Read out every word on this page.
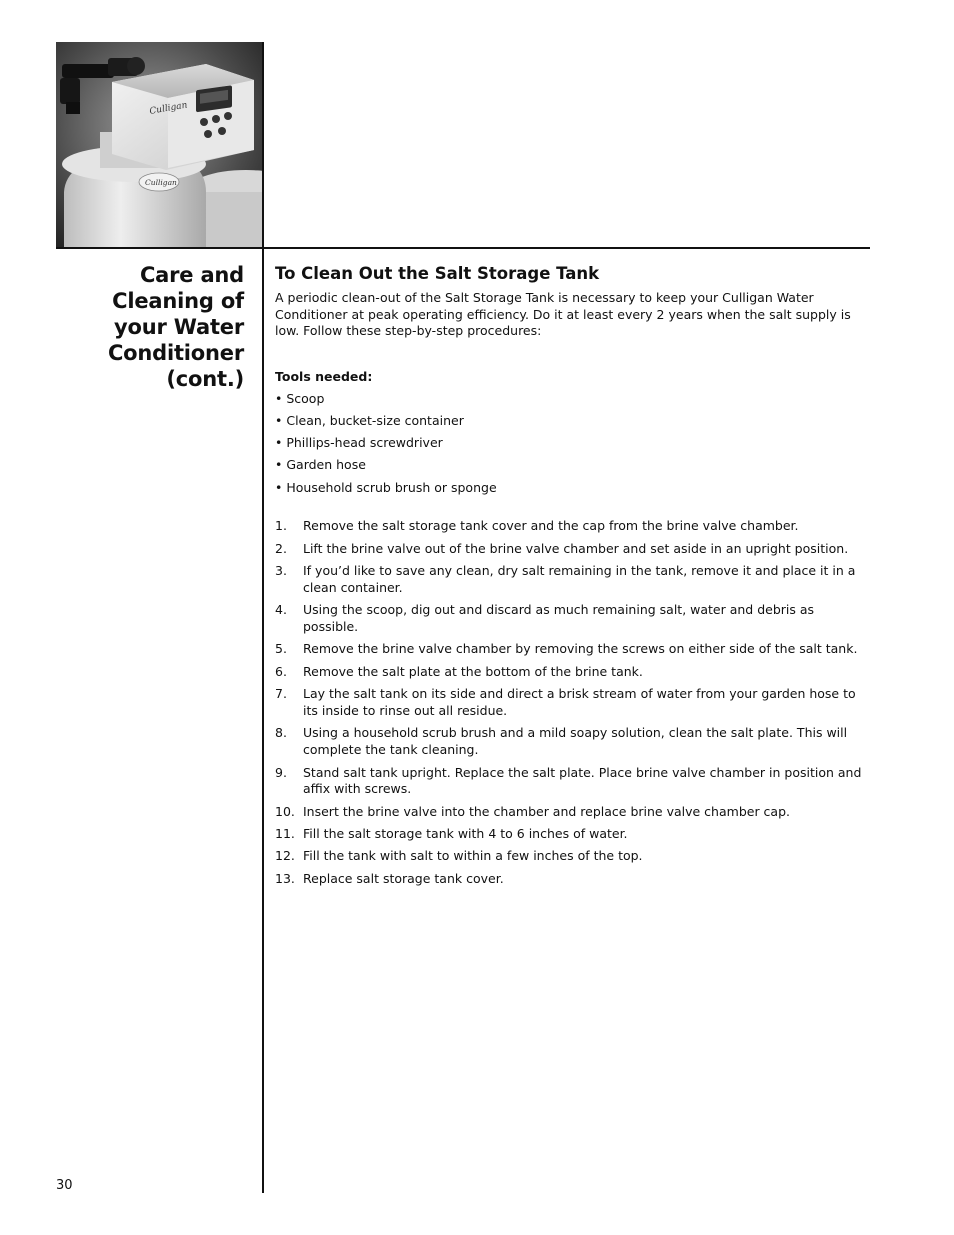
Culligan
Culligan
Care and
Cleaning of
your Water
Conditioner
(cont.)
To Clean Out the Salt Storage Tank

A periodic clean-out of the Salt Storage Tank is necessary to keep your Culligan Water Conditioner at peak operating efficiency. Do it at least every 2 years when the salt supply is low. Follow these step-by-step procedures:

Tools needed:
• Scoop
• Clean, bucket-size container
• Phillips-head screwdriver
• Garden hose
• Household scrub brush or sponge
1. Remove the salt storage tank cover and the cap from the brine valve chamber.
2. Lift the brine valve out of the brine valve chamber and set aside in an upright position.
3. If you’d like to save any clean, dry salt remaining in the tank, remove it and place it in a clean container.
4. Using the scoop, dig out and discard as much remaining salt, water and debris as possible.
5. Remove the brine valve chamber by removing the screws on either side of the salt tank.
6. Remove the salt plate at the bottom of the brine tank.
7. Lay the salt tank on its side and direct a brisk stream of water from your garden hose to its inside to rinse out all residue.
8. Using a household scrub brush and a mild soapy solution, clean the salt plate. This will complete the tank cleaning.
9. Stand salt tank upright. Replace the salt plate. Place brine valve chamber in position and affix with screws.
10. Insert the brine valve into the chamber and replace brine valve chamber cap.
11. Fill the salt storage tank with 4 to 6 inches of water.
12. Fill the tank with salt to within a few inches of the top.
13. Replace salt storage tank cover.
30
